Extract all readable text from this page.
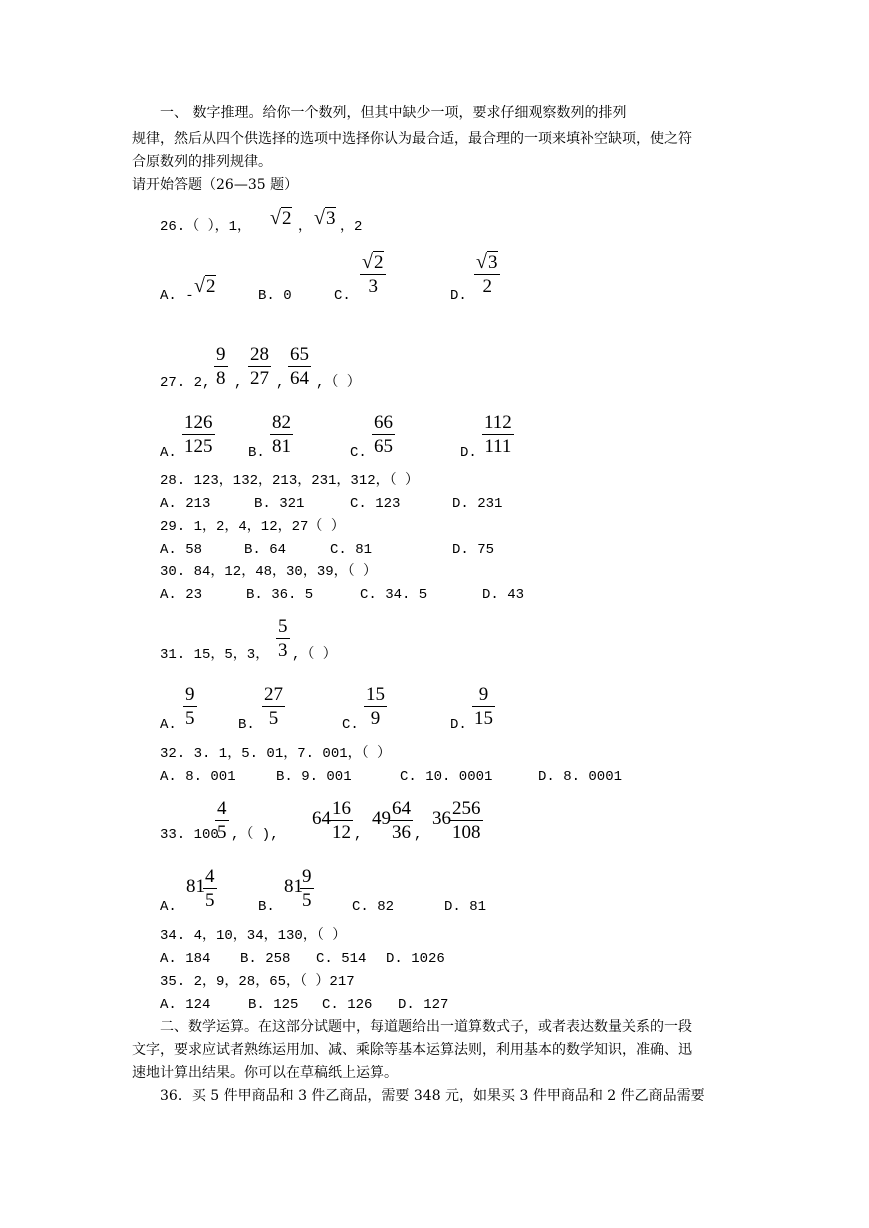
一、 数字推理。给你一个数列，但其中缺少一项，要求仔细观察数列的排列
规律，然后从四个供选择的选项中选择你认为最合适，最合理的一项来填补空缺项，使之符
合原数列的排列规律。
请开始答题（26—35 题）
26.（ ），1， √2 ， √3 ，2
A. - √2	B. 0	C.
√2
3	D.
√3
2
27. 2,
9
8 ,
28
27 ,
65
64 ,（ ）
A.
126
125	B.
82
81	C.
66
65	D.
112
111
28. 123，132，213，231，312，（ ）
A. 213	B. 321	C. 123	D. 231
29. 1，2，4，12，27（ ）
A. 58	B. 64	C. 81	D. 75
30. 84，12，48，30，39，（ ）
A. 23	B. 36. 5	C. 34. 5	D. 43
31. 15，5，3，
5
3 ,（ ）
A.
9
5	B.
27
5	C.
15
9	D.
9
15
32. 3. 1，5. 01，7. 001，（ ）
A. 8. 001	B. 9. 001	C. 10. 0001	D. 8. 0001
33. 100
4
5 ,（ ),
64 16
12 ,
49 64
36 ,
36 256
108
A.
81 4
5	B.
81 9
5	C. 82	D. 81
34. 4，10，34，130，（ ）
A. 184 B. 258 C. 514 D. 1026
35. 2，9，28，65，（ ）217
A. 124	B. 125 C. 126 D. 127
二、数学运算。在这部分试题中，每道题给出一道算数式子，或者表达数量关系的一段
文字，要求应试者熟练运用加、减、乘除等基本运算法则，利用基本的数学知识，准确、迅
速地计算出结果。你可以在草稿纸上运算。
36．买 5 件甲商品和 3 件乙商品，需要 348 元，如果买 3 件甲商品和 2 件乙商品需要
